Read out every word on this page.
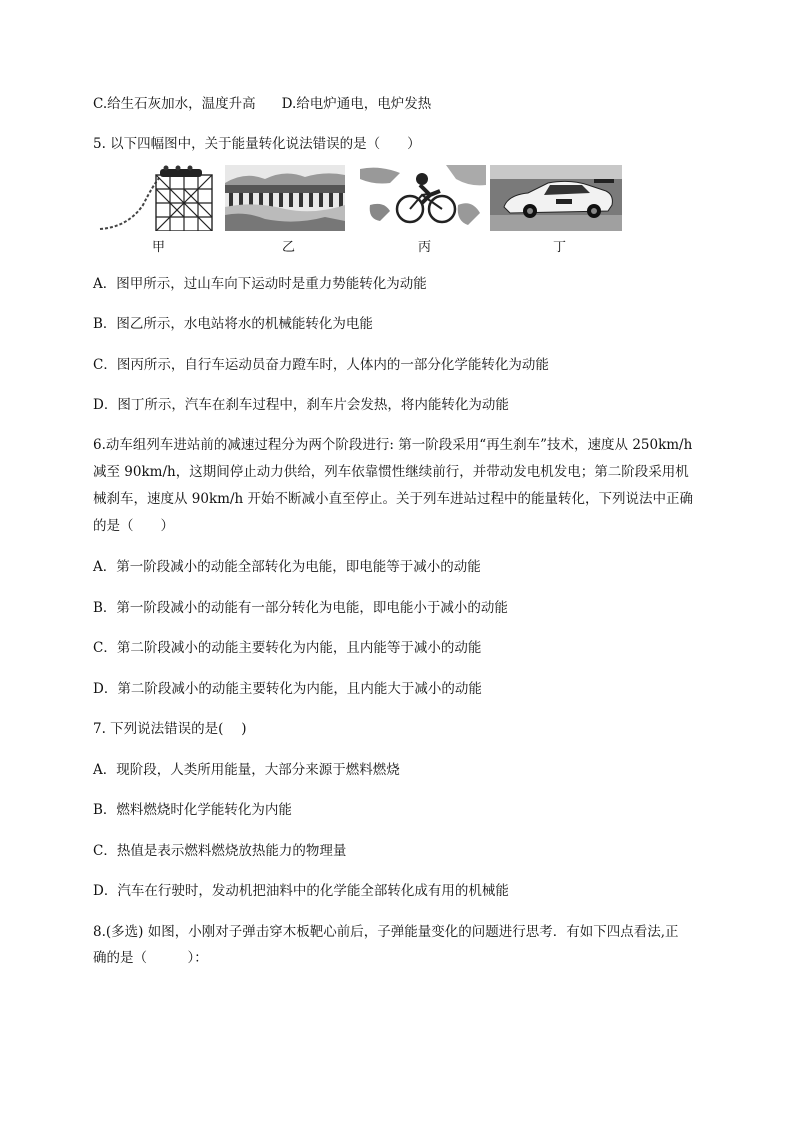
C.给生石灰加水，温度升高 D.给电炉通电，电炉发热
5. 以下四幅图中，关于能量转化说法错误的是（　　）
甲	乙	丙	丁
A．图甲所示，过山车向下运动时是重力势能转化为动能
B．图乙所示，水电站将水的机械能转化为电能
C．图丙所示，自行车运动员奋力蹬车时，人体内的一部分化学能转化为动能
D．图丁所示，汽车在刹车过程中，刹车片会发热，将内能转化为动能
6.动车组列车进站前的减速过程分为两个阶段进行: 第一阶段采用“再生刹车”技术，速度从 250km/h
减至 90km/h，这期间停止动力供给，列车依靠惯性继续前行，并带动发电机发电；第二阶段采用机
械刹车，速度从 90km/h 开始不断减小直至停止。关于列车进站过程中的能量转化，下列说法中正确
的是（　　）
A．第一阶段减小的动能全部转化为电能，即电能等于减小的动能
B．第一阶段减小的动能有一部分转化为电能，即电能小于减小的动能
C．第二阶段减小的动能主要转化为内能，且内能等于减小的动能
D．第二阶段减小的动能主要转化为内能，且内能大于减小的动能
7. 下列说法错误的是(　 )
A．现阶段，人类所用能量，大部分来源于燃料燃烧
B．燃料燃烧时化学能转化为内能
C．热值是表示燃料燃烧放热能力的物理量
D．汽车在行驶时，发动机把油料中的化学能全部转化成有用的机械能
8.(多选) 如图，小刚对子弹击穿木板靶心前后，子弹能量变化的问题进行思考．有如下四点看法,正
确的是（　　　）：
